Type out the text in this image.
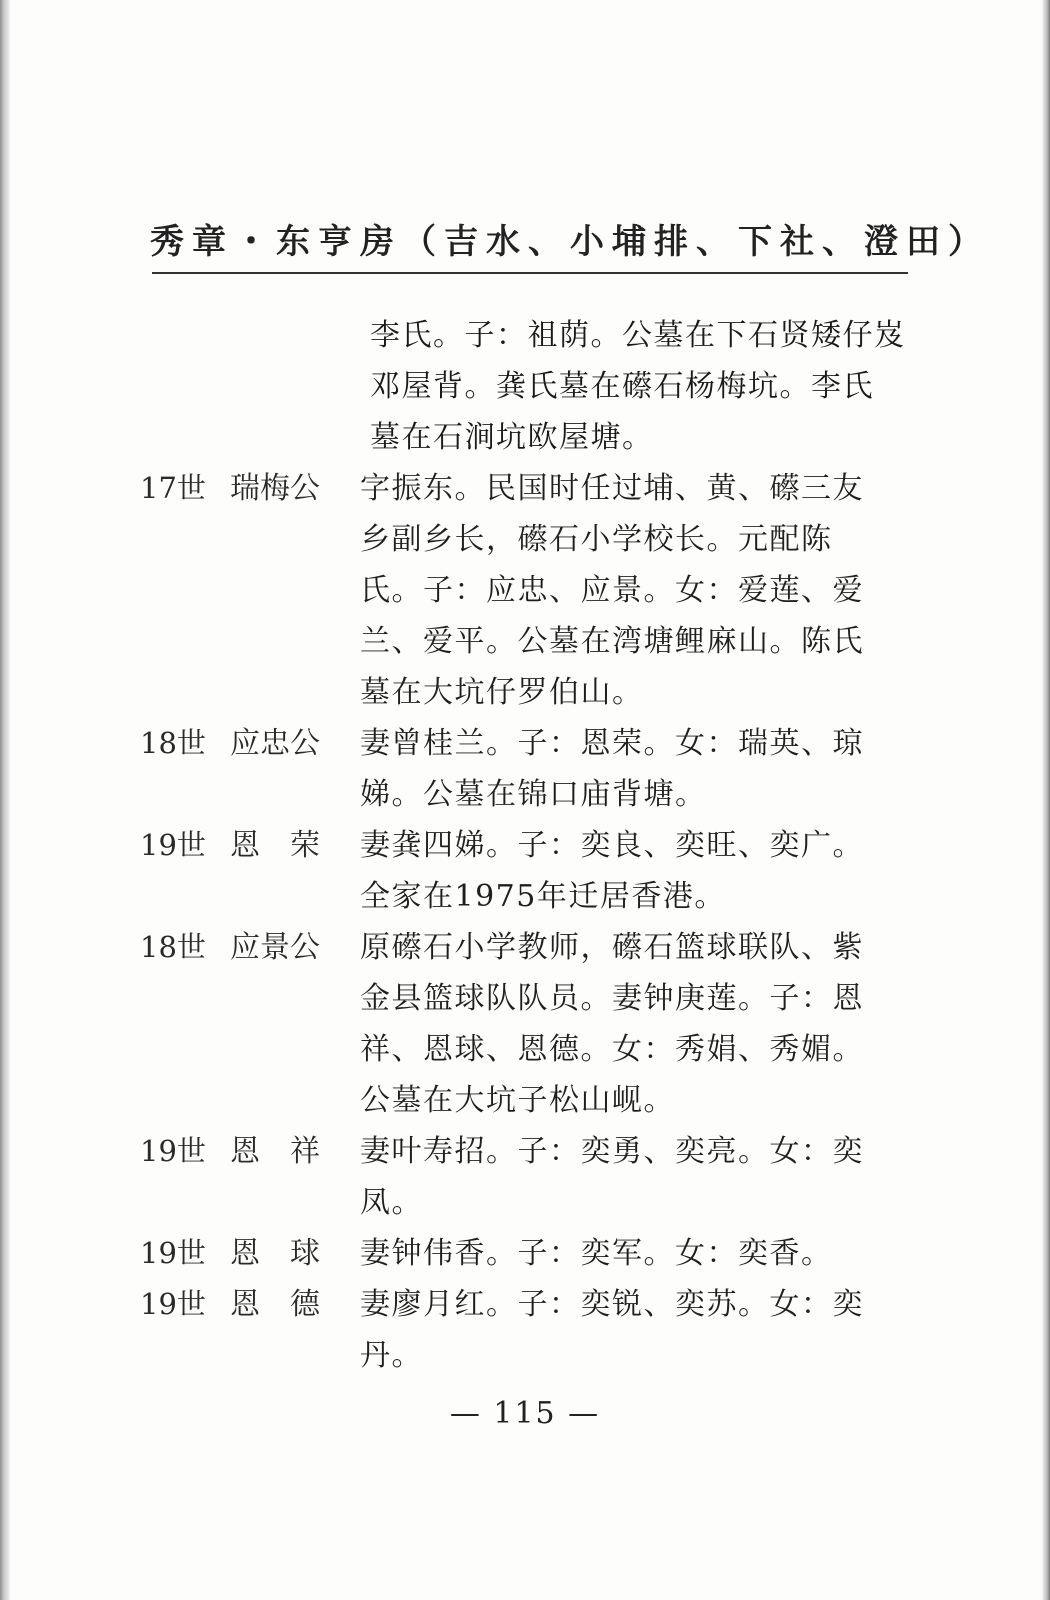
秀章・东亨房（吉水、小埔排、下社、澄田）
李氏。子：祖荫。公墓在下石贤矮仔岌
邓屋背。龚氏墓在礤石杨梅坑。李氏
墓在石涧坑欧屋塘。
17世 瑞梅公	字振东。民国时任过埔、黄、礤三友
乡副乡长，礤石小学校长。元配陈
氏。子：应忠、应景。女：爱莲、爱
兰、爱平。公墓在湾塘鲤麻山。陈氏
墓在大坑仔罗伯山。
18世 应忠公	妻曾桂兰。子：恩荣。女：瑞英、琼
娣。公墓在锦口庙背塘。
19世 恩　荣	妻龚四娣。子：奕良、奕旺、奕广。
全家在1975年迁居香港。
18世 应景公	原礤石小学教师，礤石篮球联队、紫
金县篮球队队员。妻钟庚莲。子：恩
祥、恩球、恩德。女：秀娟、秀媚。
公墓在大坑子松山岘。
19世 恩　祥	妻叶寿招。子：奕勇、奕亮。女：奕
凤。
19世 恩　球	妻钟伟香。子：奕军。女：奕香。
19世 恩　德	妻廖月红。子：奕锐、奕苏。女：奕
丹。
— 115 —
